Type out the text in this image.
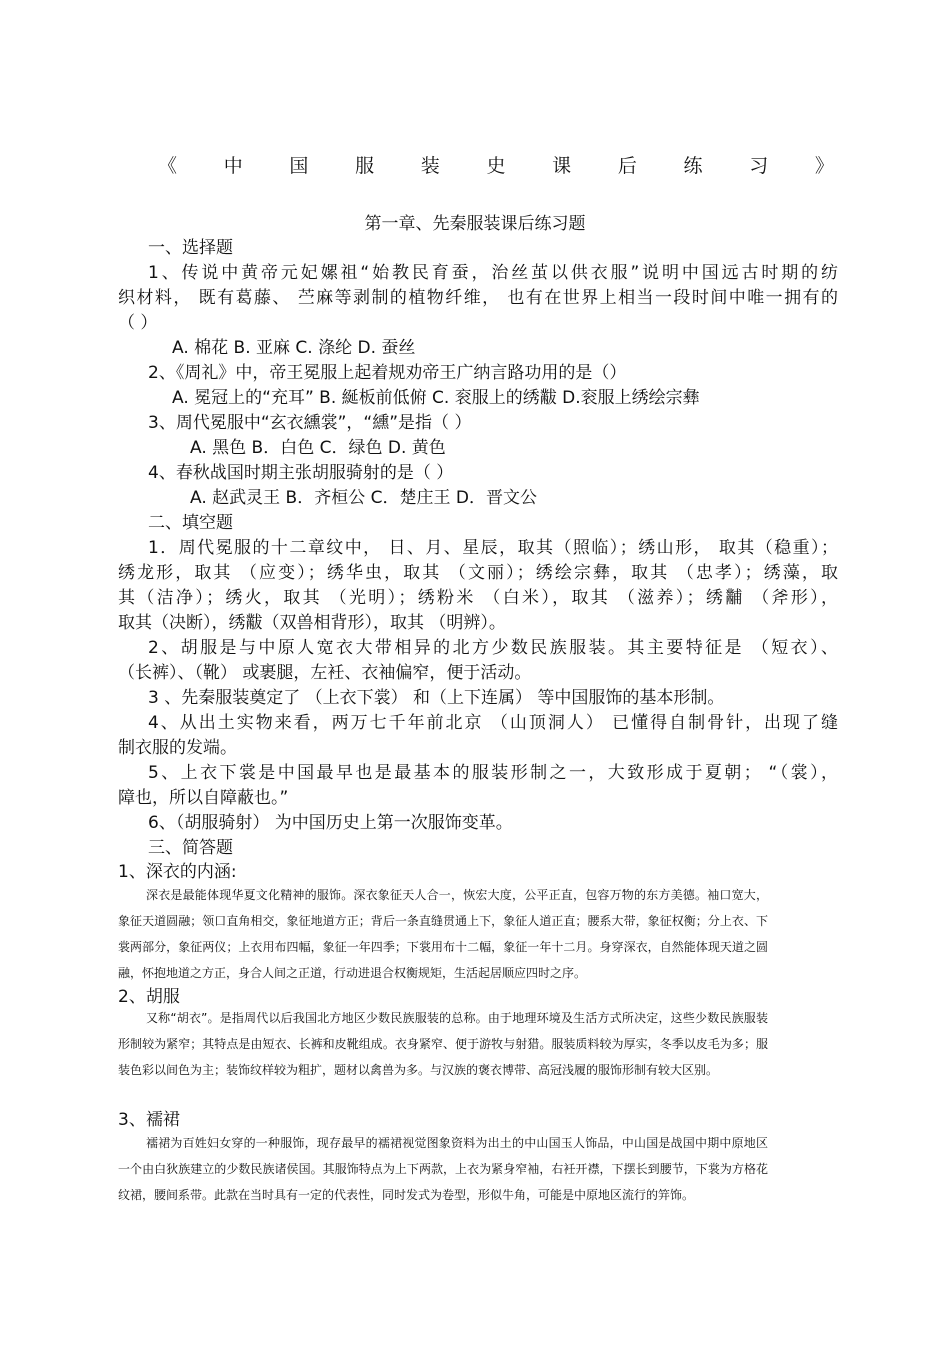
《 中 国 服 装 史 课 后 练 习 》
第一章、先秦服装课后练习题
一、选择题
1、传说中黄帝元妃嫘祖“始教民育蚕，治丝茧以供衣服”说明中国远古时期的纺
织材料， 既有葛藤、 苎麻等剥制的植物纤维， 也有在世界上相当一段时间中唯一拥有的
（ ）
A. 棉花 B. 亚麻 C. 涤纶 D. 蚕丝
2、《周礼》中，帝王冕服上起着规劝帝王广纳言路功用的是（）
A. 冕冠上的“充耳” B. 綖板前低俯 C. 衮服上的绣黻 D.衮服上绣绘宗彝
3、周代冕服中“玄衣纁裳”，“纁”是指（ ）
A. 黑色 B．白色 C．绿色 D. 黄色
4、春秋战国时期主张胡服骑射的是（ ）
A. 赵武灵王 B．齐桓公 C．楚庄王 D．晋文公
二、填空题
1．周代冕服的十二章纹中， 日、月、星辰，取其（照临）；绣山形， 取其（稳重）；
绣龙形，取其 （应变）；绣华虫，取其 （文丽）；绣绘宗彝，取其 （忠孝）；绣藻，取
其（洁净）；绣火，取其 （光明）；绣粉米 （白米），取其 （滋养）；绣黼 （斧形），
取其（决断），绣黻（双兽相背形），取其 （明辨）。
2、胡服是与中原人宽衣大带相异的北方少数民族服装。其主要特征是 （短衣）、
（长裤）、（靴） 或裹腿，左衽、衣袖偏窄，便于活动。
3 、先秦服装奠定了 （上衣下裳） 和（上下连属） 等中国服饰的基本形制。
4、从出土实物来看，两万七千年前北京 （山顶洞人） 已懂得自制骨针，出现了缝
制衣服的发端。
5、上衣下裳是中国最早也是最基本的服装形制之一，大致形成于夏朝； “（裳），
障也，所以自障蔽也。”
6、（胡服骑射） 为中国历史上第一次服饰变革。
三、简答题
1、深衣的内涵:
深衣是最能体现华夏文化精神的服饰。深衣象征天人合一，恢宏大度，公平正直，包容万物的东方美德。袖口宽大，象征天道圆融；领口直角相交，象征地道方正；背后一条直缝贯通上下，象征人道正直；腰系大带，象征权衡；分上衣、下裳两部分，象征两仪；上衣用布四幅，象征一年四季；下裳用布十二幅，象征一年十二月。身穿深衣，自然能体现天道之圆融，怀抱地道之方正，身合人间之正道，行动进退合权衡规矩，生活起居顺应四时之序。
2、胡服
又称“胡衣”。是指周代以后我国北方地区少数民族服装的总称。由于地理环境及生活方式所决定，这些少数民族服装形制较为紧窄；其特点是由短衣、长裤和皮靴组成。衣身紧窄、便于游牧与射猎。服装质料较为厚实，冬季以皮毛为多；服装色彩以间色为主；装饰纹样较为粗扩，题材以禽兽为多。与汉族的褒衣博带、高冠浅履的服饰形制有较大区别。
3、襦裙
襦裙为百姓妇女穿的一种服饰，现存最早的襦裙视觉图象资料为出土的中山国玉人饰品，中山国是战国中期中原地区一个由白狄族建立的少数民族诸侯国。其服饰特点为上下两款，上衣为紧身窄袖，右衽开襟，下摆长到腰节，下裳为方格花纹裙，腰间系带。此款在当时具有一定的代表性，同时发式为卷型，形似牛角，可能是中原地区流行的笄饰。
